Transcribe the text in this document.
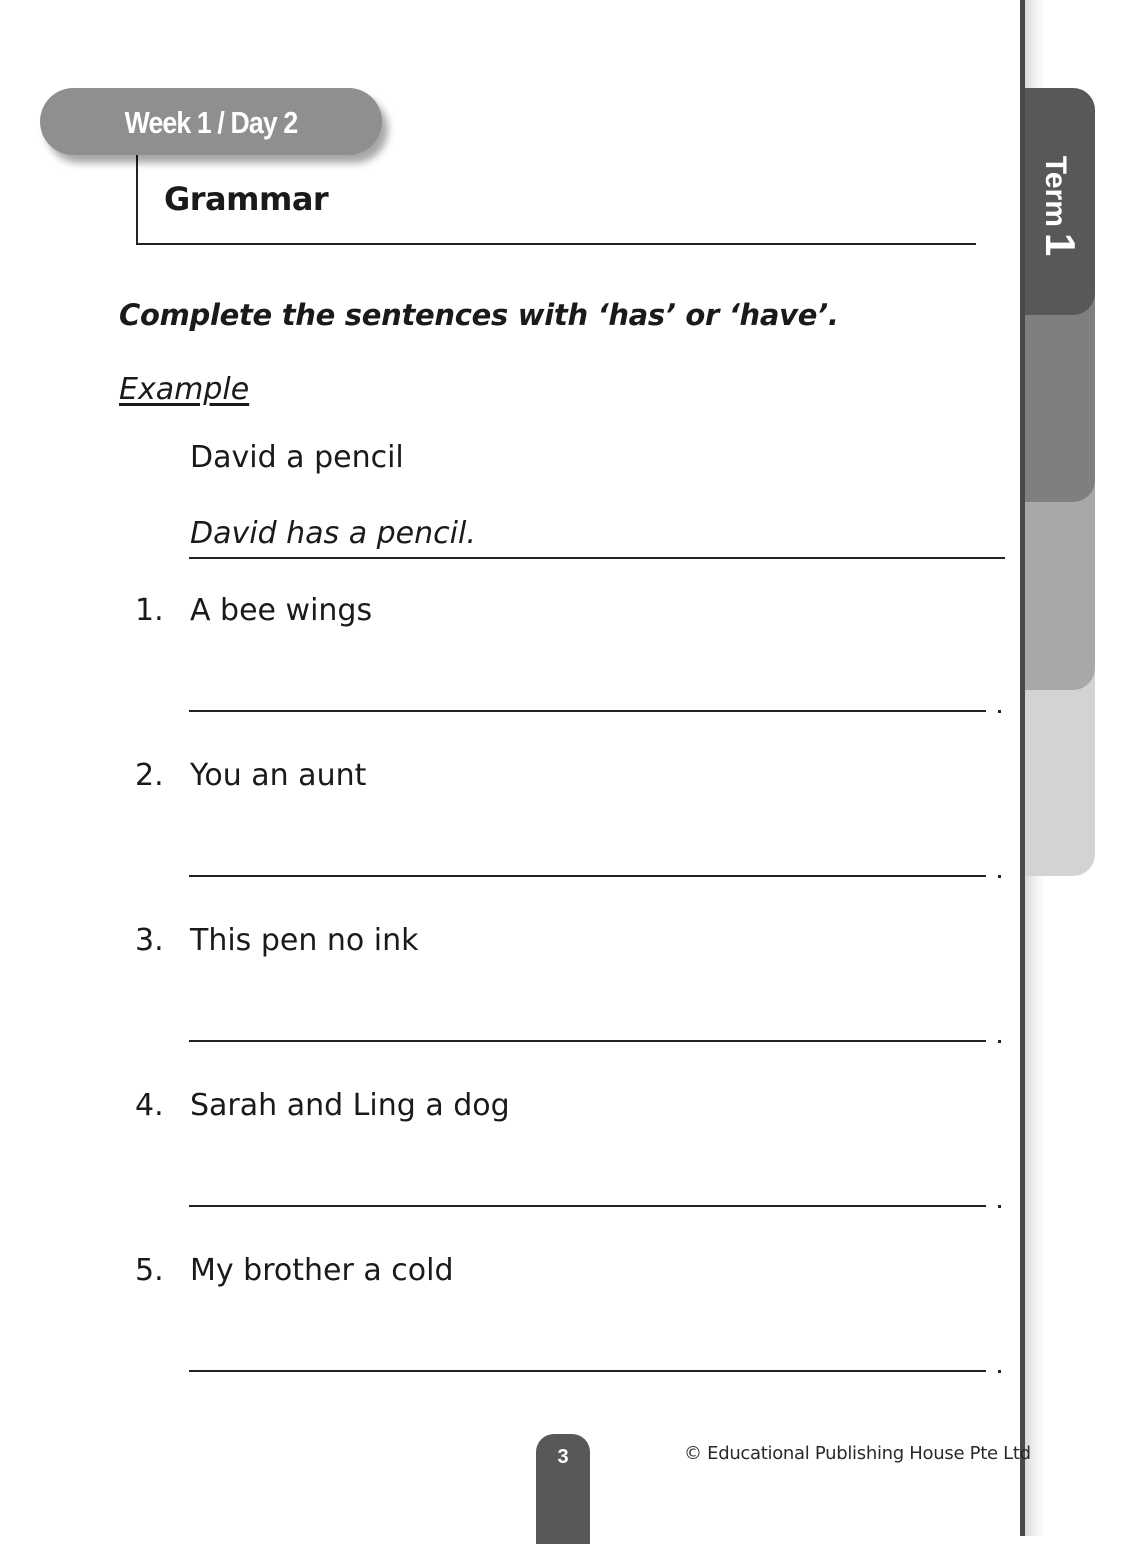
Term1
Week 1 / Day 2
Grammar
Complete the sentences with ‘has’ or ‘have’.
Example
David a pencil
David has a pencil.
1. A bee wings
2. You an aunt
3. This pen no ink
4. Sarah and Ling a dog
5. My brother a cold
3	© Educational Publishing House Pte Ltd
